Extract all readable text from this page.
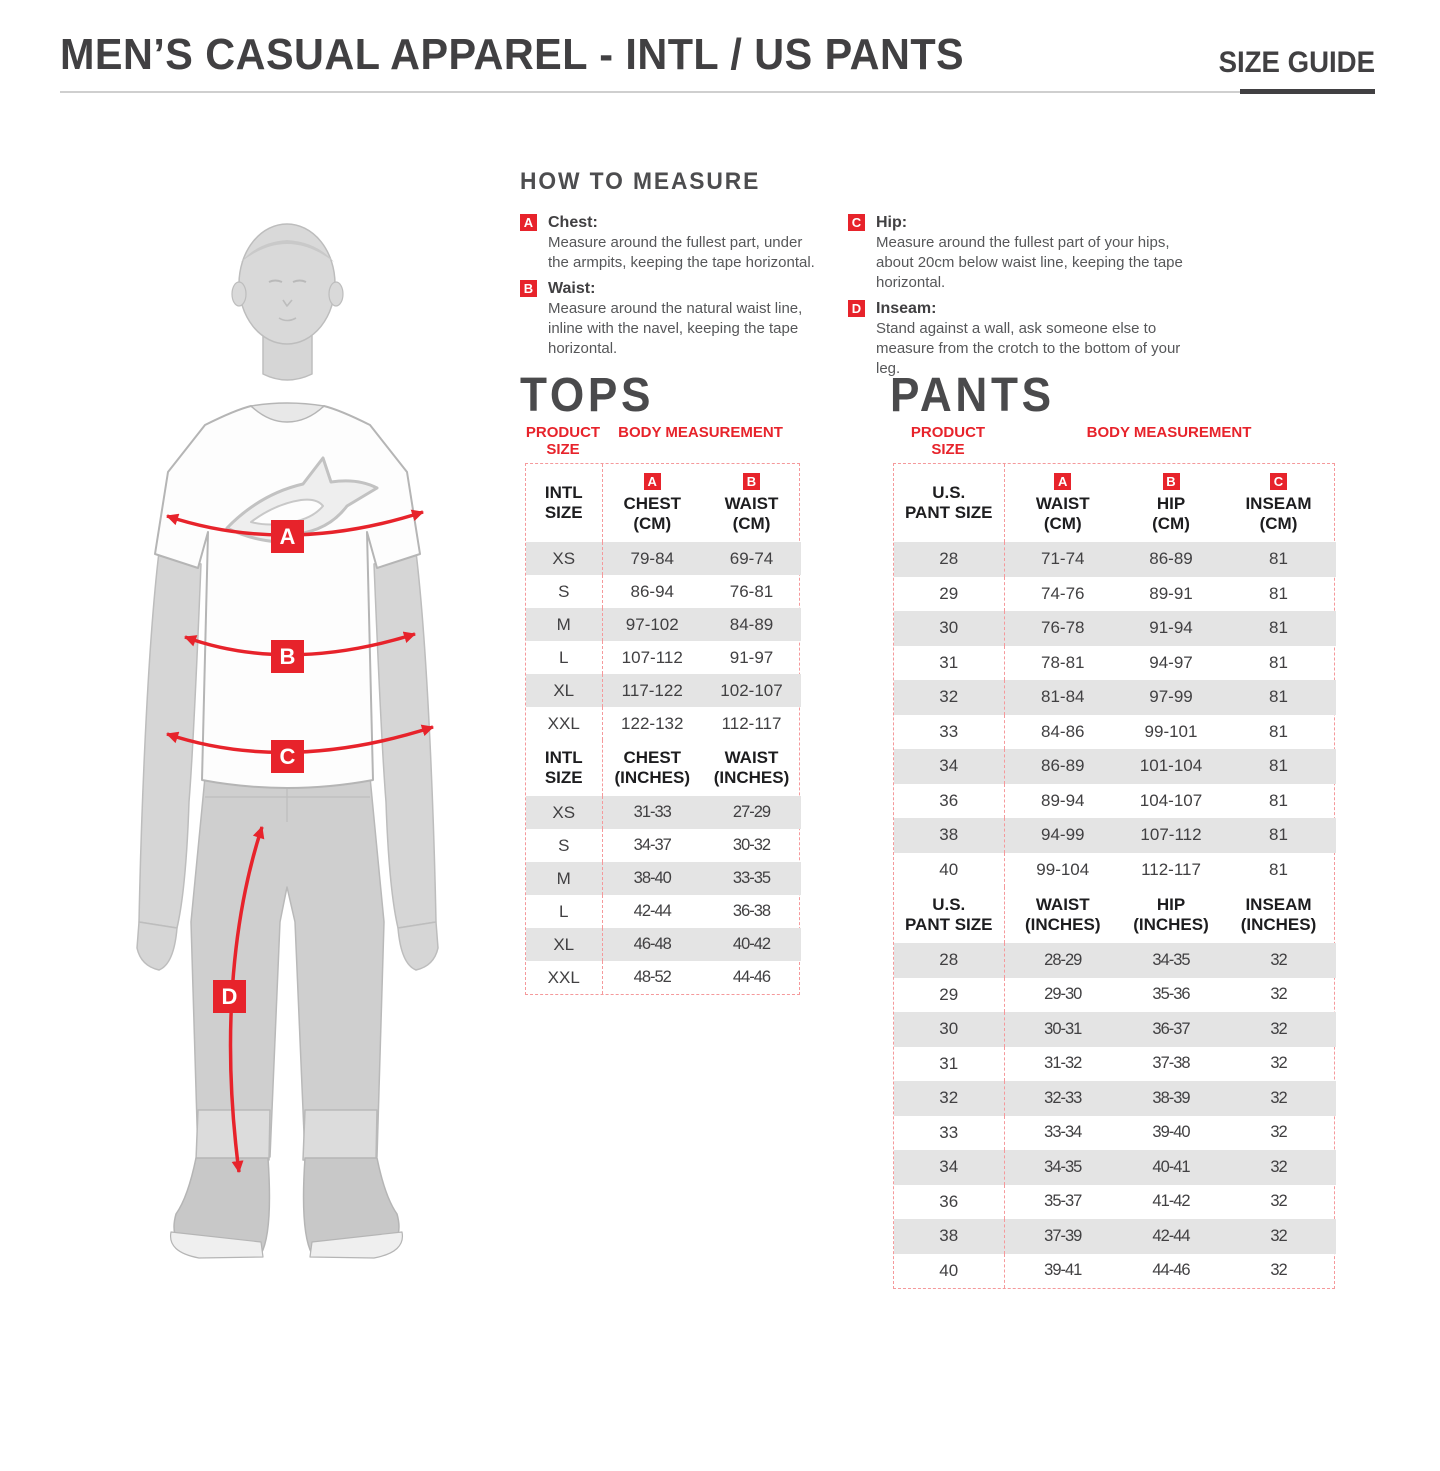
MEN’S CASUAL APPAREL - INTL / US PANTS	SIZE GUIDE
A
B
C
D
HOW TO MEASURE
A Chest:
Measure around the fullest part, under the armpits, keeping the tape horizontal.
B Waist:
Measure around the natural waist line, inline with the navel, keeping the tape horizontal.
C Hip:
Measure around the fullest part of your hips, about 20cm below waist line, keeping the tape horizontal.
D Inseam:
Stand against a wall, ask someone else to measure from the crotch to the bottom of your leg.
TOPS
PRODUCT SIZE
BODY MEASUREMENT
INTL
SIZE

A
CHEST
(CM)

B
WAIST
(CM)

XS	79-84	69-74
S	86-94	76-81
M	97-102	84-89
L	107-112	91-97
XL	117-122	102-107
XXL	122-132	112-117

INTL
SIZE

CHEST
(INCHES)

WAIST
(INCHES)

XS	31-33	27-29
S	34-37	30-32
M	38-40	33-35
L	42-44	36-38
XL	46-48	40-42
XXL	48-52	44-46
PANTS
PRODUCT SIZE
BODY MEASUREMENT
U.S.
PANT SIZE

A
WAIST
(CM)

B
HIP
(CM)

C
INSEAM
(CM)

28	71-74	86-89	81
29	74-76	89-91	81
30	76-78	91-94	81
31	78-81	94-97	81
32	81-84	97-99	81
33	84-86	99-101	81
34	86-89	101-104	81
36	89-94	104-107	81
38	94-99	107-112	81
40	99-104	112-117	81

U.S.
PANT SIZE

WAIST
(INCHES)

HIP
(INCHES)

INSEAM
(INCHES)

28	28-29	34-35	32
29	29-30	35-36	32
30	30-31	36-37	32
31	31-32	37-38	32
32	32-33	38-39	32
33	33-34	39-40	32
34	34-35	40-41	32
36	35-37	41-42	32
38	37-39	42-44	32
40	39-41	44-46	32
